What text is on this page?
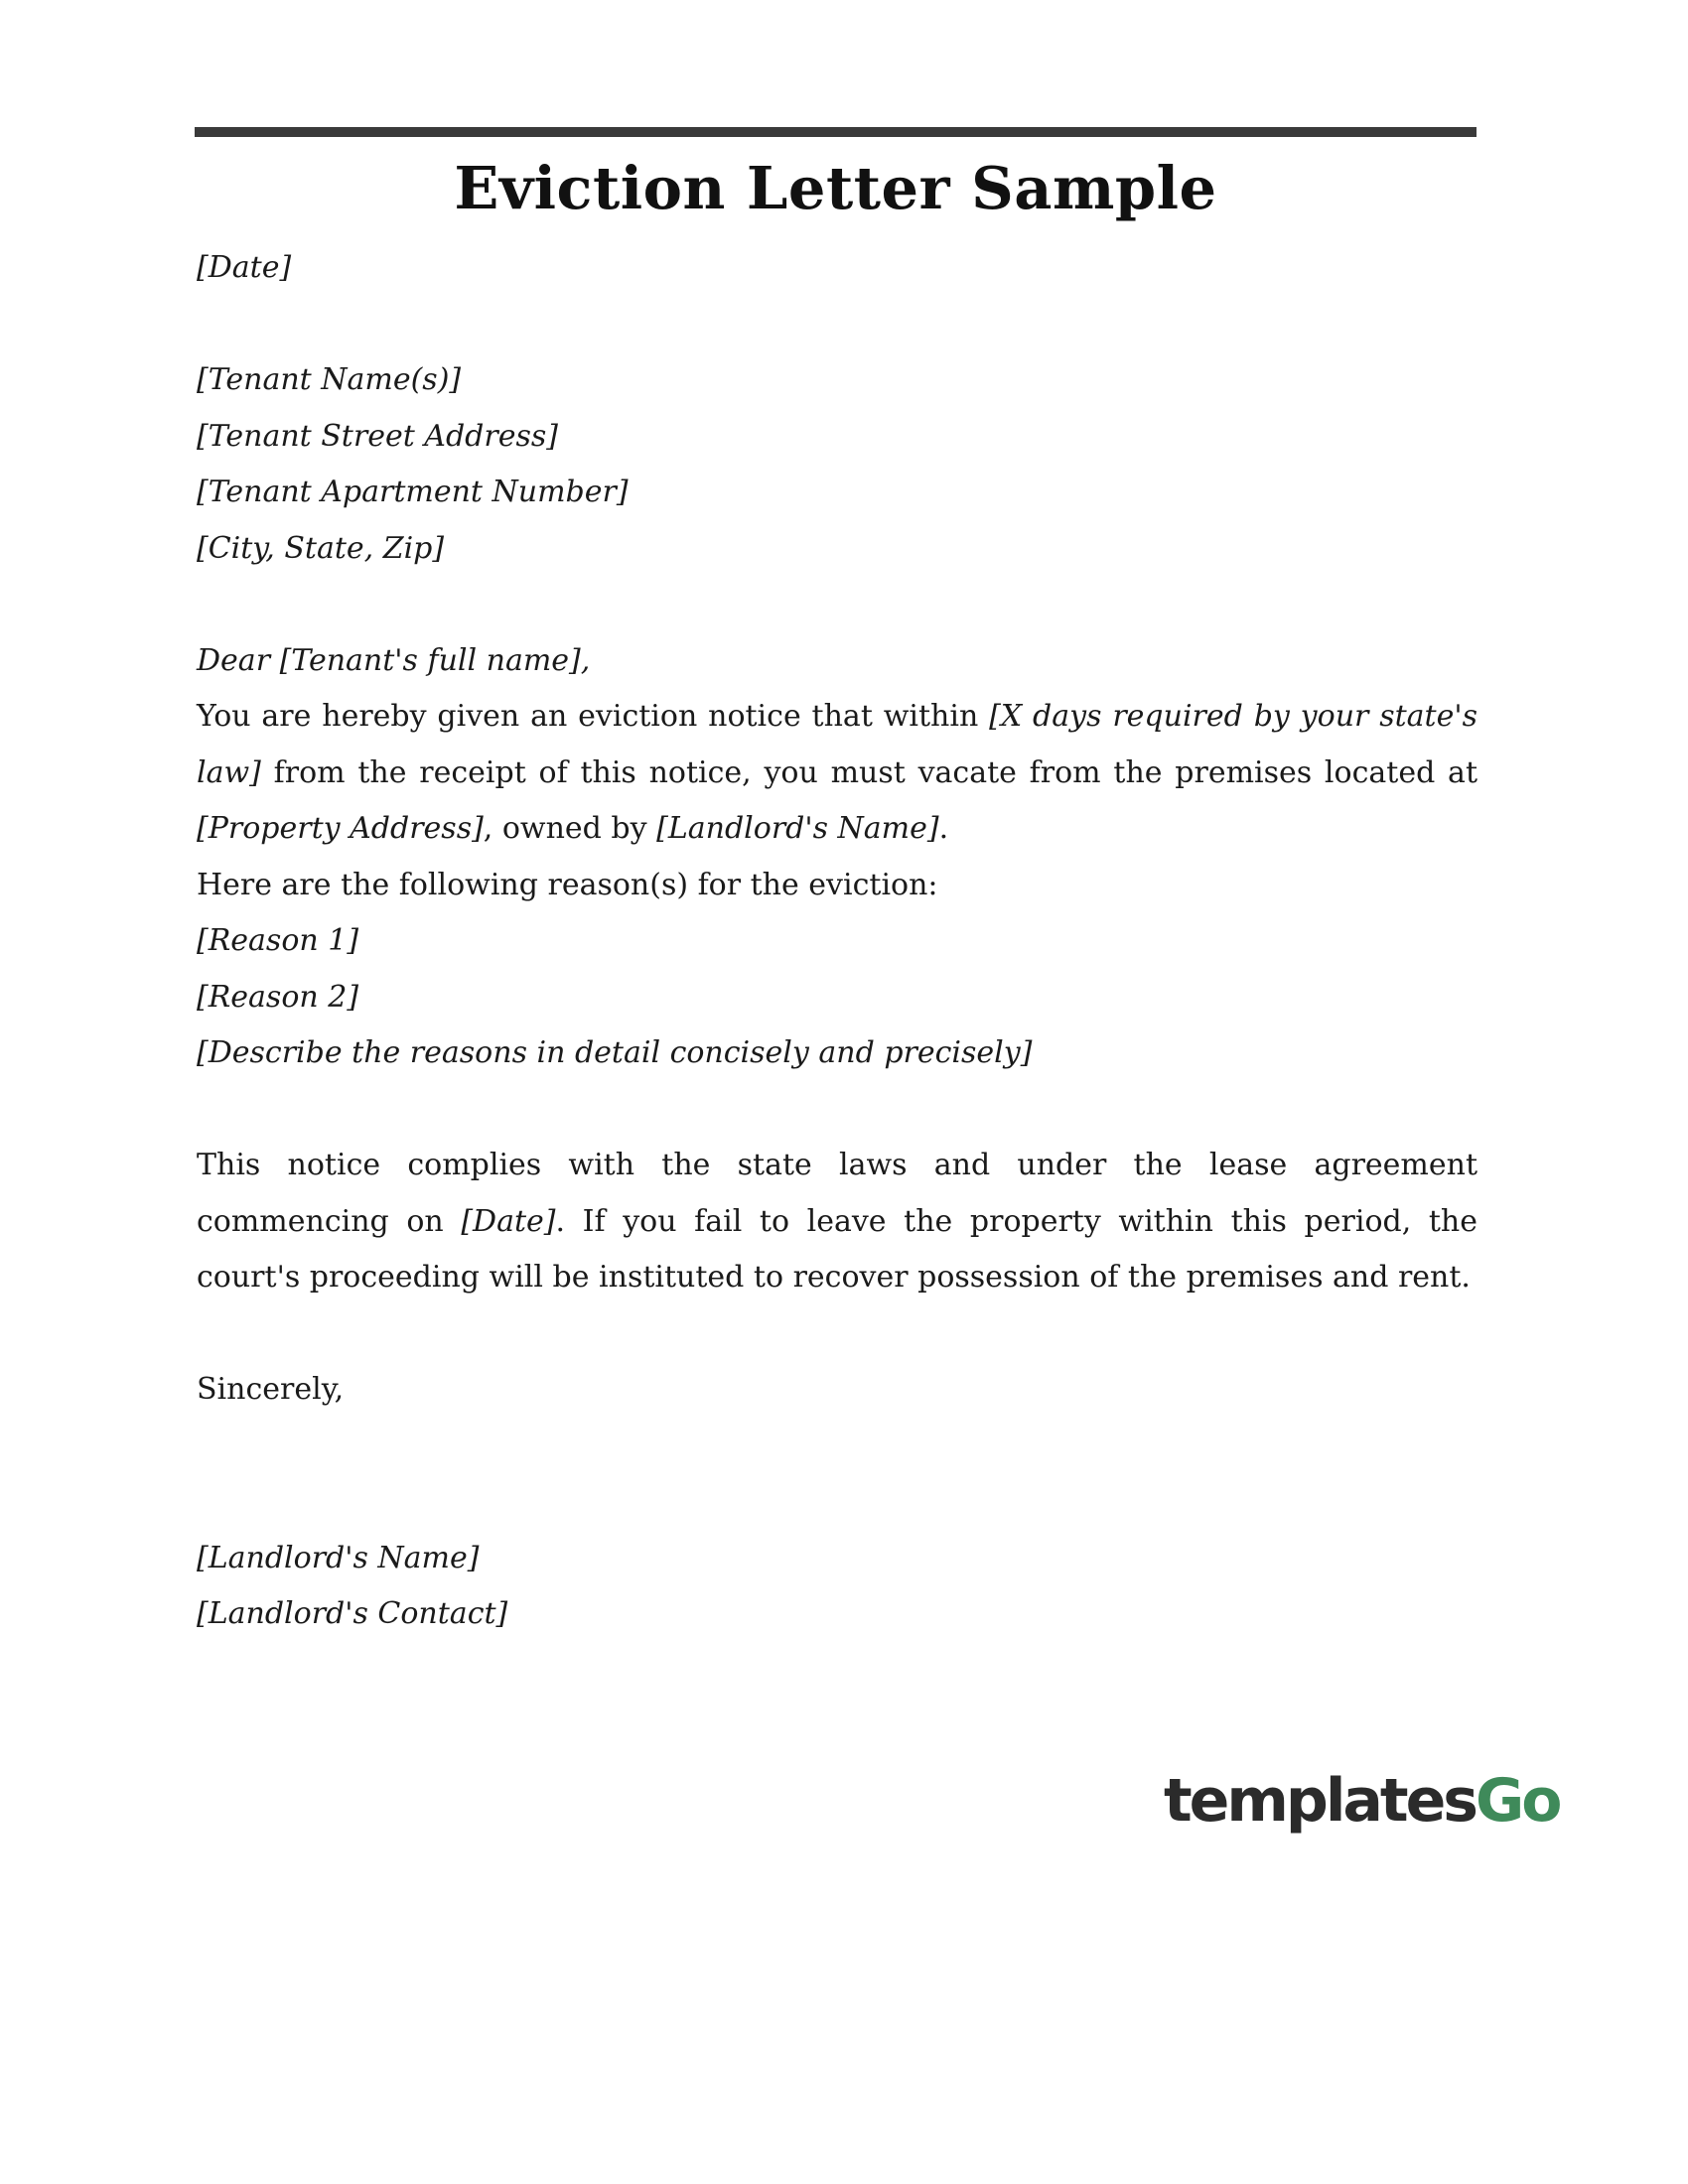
Eviction Letter Sample
[Date]
[Tenant Name(s)]
[Tenant Street Address]
[Tenant Apartment Number]
[City, State, Zip]
Dear [Tenant's full name],
You are hereby given an eviction notice that within [X days required by your state's law] from the receipt of this notice, you must vacate from the premises located at [Property Address], owned by [Landlord's Name].
Here are the following reason(s) for the eviction:
[Reason 1]
[Reason 2]
[Describe the reasons in detail concisely and precisely]
This notice complies with the state laws and under the lease agreement commencing on [Date]. If you fail to leave the property within this period, the court's proceeding will be instituted to recover possession of the premises and rent.
Sincerely,
[Landlord's Name]
[Landlord's Contact]
templatesGo
